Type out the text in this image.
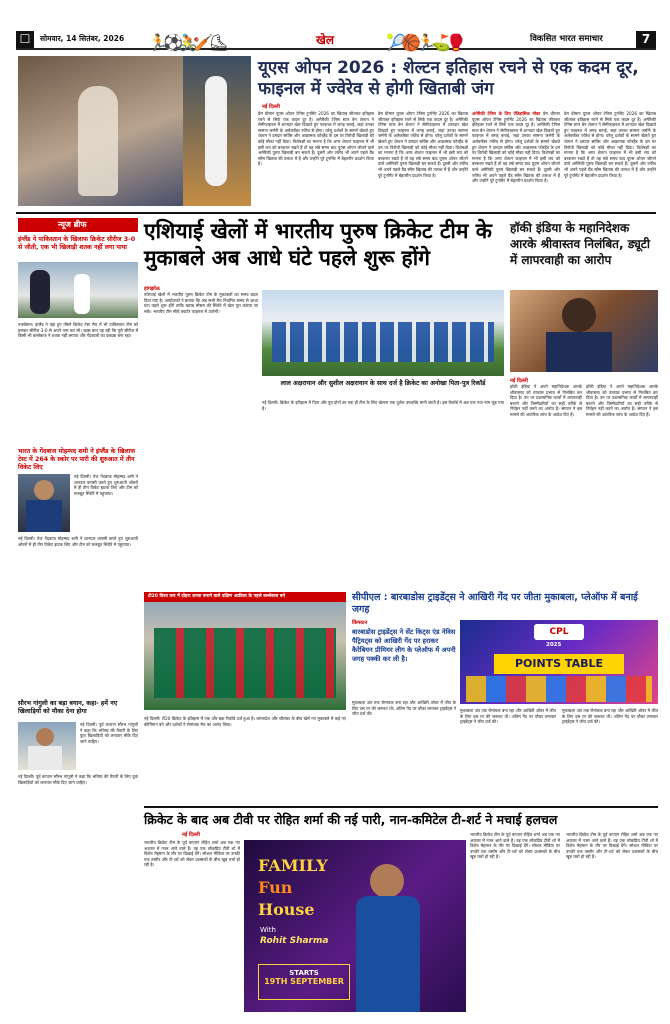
☐	सोमवार, 14 सितंबर, 2026 🏃⚽🚴🏏⛸	खेल	🎾🏀🏃⛳🥊	विकसित भारत समाचार	7
यूएस ओपन 2026 : शेल्टन इतिहास रचने से एक कदम दूर, फाइनल में ज्वेरेव से होगी खिताबी जंग
नई दिल्ली
प्रेम धीमान यूएस ओपन टेनिस टूर्नामेंट 2026 का खिताब जीतकर इतिहास रचने से सिर्फ एक कदम दूर है। अमेरिकी टेनिस स्टार बेन शेल्टन ने सेमीफाइनल में शानदार खेल दिखाते हुए फाइनल में जगह बनाई, जहां उनका सामना जर्मनी के अलेक्जेंडर ज्वेरेव से होगा। घरेलू दर्शकों के सामने खेलते हुए शेल्टन ने दमदार सर्विस और आक्रामक फोरहैंड के दम पर विरोधी खिलाड़ी को कोई मौका नहीं दिया। विशेषज्ञों का मानना है कि अगर शेल्टन फाइनल में भी इसी लय को बरकरार रखते हैं तो वह लंबे समय बाद यूएस ओपन जीतने वाले अमेरिकी पुरुष खिलाड़ी बन सकते हैं। दूसरी ओर ज्वेरेव भी अपने पहले ग्रैंड स्लैम खिताब की तलाश में हैं और उन्होंने पूरे टूर्नामेंट में बेहतरीन प्रदर्शन किया है।
प्रेम धीमान यूएस ओपन टेनिस टूर्नामेंट 2026 का खिताब जीतकर इतिहास रचने से सिर्फ एक कदम दूर है। अमेरिकी टेनिस स्टार बेन शेल्टन ने सेमीफाइनल में शानदार खेल दिखाते हुए फाइनल में जगह बनाई, जहां उनका सामना जर्मनी के अलेक्जेंडर ज्वेरेव से होगा। घरेलू दर्शकों के सामने खेलते हुए शेल्टन ने दमदार सर्विस और आक्रामक फोरहैंड के दम पर विरोधी खिलाड़ी को कोई मौका नहीं दिया। विशेषज्ञों का मानना है कि अगर शेल्टन फाइनल में भी इसी लय को बरकरार रखते हैं तो वह लंबे समय बाद यूएस ओपन जीतने वाले अमेरिकी पुरुष खिलाड़ी बन सकते हैं। दूसरी ओर ज्वेरेव भी अपने पहले ग्रैंड स्लैम खिताब की तलाश में हैं और उन्होंने पूरे टूर्नामेंट में बेहतरीन प्रदर्शन किया है।
अमेरिकी टेनिस के लिए ऐतिहासिक मौका प्रेम धीमान यूएस ओपन टेनिस टूर्नामेंट 2026 का खिताब जीतकर इतिहास रचने से सिर्फ एक कदम दूर है। अमेरिकी टेनिस स्टार बेन शेल्टन ने सेमीफाइनल में शानदार खेल दिखाते हुए फाइनल में जगह बनाई, जहां उनका सामना जर्मनी के अलेक्जेंडर ज्वेरेव से होगा। घरेलू दर्शकों के सामने खेलते हुए शेल्टन ने दमदार सर्विस और आक्रामक फोरहैंड के दम पर विरोधी खिलाड़ी को कोई मौका नहीं दिया। विशेषज्ञों का मानना है कि अगर शेल्टन फाइनल में भी इसी लय को बरकरार रखते हैं तो वह लंबे समय बाद यूएस ओपन जीतने वाले अमेरिकी पुरुष खिलाड़ी बन सकते हैं। दूसरी ओर ज्वेरेव भी अपने पहले ग्रैंड स्लैम खिताब की तलाश में हैं और उन्होंने पूरे टूर्नामेंट में बेहतरीन प्रदर्शन किया है।
प्रेम धीमान यूएस ओपन टेनिस टूर्नामेंट 2026 का खिताब जीतकर इतिहास रचने से सिर्फ एक कदम दूर है। अमेरिकी टेनिस स्टार बेन शेल्टन ने सेमीफाइनल में शानदार खेल दिखाते हुए फाइनल में जगह बनाई, जहां उनका सामना जर्मनी के अलेक्जेंडर ज्वेरेव से होगा। घरेलू दर्शकों के सामने खेलते हुए शेल्टन ने दमदार सर्विस और आक्रामक फोरहैंड के दम पर विरोधी खिलाड़ी को कोई मौका नहीं दिया। विशेषज्ञों का मानना है कि अगर शेल्टन फाइनल में भी इसी लय को बरकरार रखते हैं तो वह लंबे समय बाद यूएस ओपन जीतने वाले अमेरिकी पुरुष खिलाड़ी बन सकते हैं। दूसरी ओर ज्वेरेव भी अपने पहले ग्रैंड स्लैम खिताब की तलाश में हैं और उन्होंने पूरे टूर्नामेंट में बेहतरीन प्रदर्शन किया है।
न्यूज ब्रीफ
इंग्लैंड ने पाकिस्तान के खिलाफ क्रिकेट सीरीज 3-0 से जीती, एक भी खिलाड़ी शतक नहीं लगा पाया
एजबेस्टन। इंग्लैंड ने यहां हुए तीसरे क्रिकेट टेस्ट मैच में भी पाकिस्तान टीम को हराकर सीरीज 3-0 से अपने नाम कर ली। खास बात यह रही कि पूरी सीरीज में किसी भी बल्लेबाज ने शतक नहीं लगाया और गेंदबाजों का दबदबा बना रहा।
भारत के गेंदबाज मोहम्मद शमी ने इंग्लैंड के खिलाफ टेस्ट में 264 के स्कोर पर पारी की शुरुआत में तीन विकेट लिए
नई दिल्ली। तेज गेंदबाज मोहम्मद शमी ने शानदार वापसी करते हुए शुरुआती ओवरों में ही तीन विकेट झटक लिए और टीम को मजबूत स्थिति में पहुंचाया।
नई दिल्ली। तेज गेंदबाज मोहम्मद शमी ने शानदार वापसी करते हुए शुरुआती ओवरों में ही तीन विकेट झटक लिए और टीम को मजबूत स्थिति में पहुंचाया।
सौरभ गांगुली का बड़ा बयान, कहा- हमें नए खिलाड़ियों को मौका देना होगा
नई दिल्ली। पूर्व कप्तान सौरभ गांगुली ने कहा कि भविष्य की तैयारी के लिए युवा खिलाड़ियों को लगातार मौके दिए जाने चाहिए।
नई दिल्ली। पूर्व कप्तान सौरभ गांगुली ने कहा कि भविष्य की तैयारी के लिए युवा खिलाड़ियों को लगातार मौके दिए जाने चाहिए।
एशियाई खेलों में भारतीय पुरुष क्रिकेट टीम के मुकाबले अब आधे घंटे पहले शुरू होंगे
हांगझोऊ
एशियाई खेलों में भारतीय पुरुष क्रिकेट टीम के मुकाबलों का समय बदल दिया गया है। आयोजकों ने बताया कि अब सभी मैच निर्धारित समय से आधा घंटा पहले शुरू होंगे ताकि खराब मौसम की स्थिति में खेल पूरा कराया जा सके। भारतीय टीम सीधे क्वार्टर फाइनल में उतरेगी।
लाल अक्षरायान और सुशील अक्षरायान के साथ दर्ज है क्रिकेट का अनोखा पिता-पुत्र रिकॉर्ड
नई दिल्ली। क्रिकेट के इतिहास में पिता और पुत्र दोनों का एक ही टीम के लिए खेलना एक दुर्लभ उपलब्धि मानी जाती है। इस रिकॉर्ड में अब एक नया नाम जुड़ गया है।
हॉकी इंडिया के महानिदेशक आरके श्रीवास्तव निलंबित, ड्यूटी में लापरवाही का आरोप
नई दिल्ली
हॉकी इंडिया ने अपने महानिदेशक आरके श्रीवास्तव को तत्काल प्रभाव से निलंबित कर दिया है। उन पर प्रशासनिक कार्यों में लापरवाही बरतने और जिम्मेदारियों का सही तरीके से निर्वहन नहीं करने का आरोप है। संगठन ने इस मामले की आंतरिक जांच के आदेश दिए हैं।
हॉकी इंडिया ने अपने महानिदेशक आरके श्रीवास्तव को तत्काल प्रभाव से निलंबित कर दिया है। उन पर प्रशासनिक कार्यों में लापरवाही बरतने और जिम्मेदारियों का सही तरीके से निर्वहन नहीं करने का आरोप है। संगठन ने इस मामले की आंतरिक जांच के आदेश दिए हैं।
टी20 विश्व कप में दोहरा शतक बनाने वाले दक्षिण अफ्रीका के पहले बल्लेबाज बने
नई दिल्ली। टी20 क्रिकेट के इतिहास में एक और बड़ा रिकॉर्ड दर्ज हुआ है। बांग्लादेश और श्रीलंका के बीच खेले गए मुकाबले में कई नए कीर्तिमान बने और दर्शकों ने रोमांचक मैच का आनंद लिया।
सीपीएल : बारबाडोस ट्राइडेंट्स ने आखिरी गेंद पर जीता मुकाबला, प्लेऑफ में बनाई जगह
किंग्सटन
बारबाडोस ट्राइडेंट्स ने सेंट किट्स एंड नेविस पैट्रियट्स को आखिरी गेंद पर हराकर कैरेबियन प्रीमियर लीग के प्लेऑफ में अपनी जगह पक्की कर ली है।
CPL
2025
POINTS TABLE
मुकाबला अंत तक रोमांचक बना रहा और आखिरी ओवर में जीत के लिए दस रन की जरूरत थी। अंतिम गेंद पर चौका लगाकर ट्राइडेंट्स ने जीत दर्ज की।
मुकाबला अंत तक रोमांचक बना रहा और आखिरी ओवर में जीत के लिए दस रन की जरूरत थी। अंतिम गेंद पर चौका लगाकर ट्राइडेंट्स ने जीत दर्ज की।
मुकाबला अंत तक रोमांचक बना रहा और आखिरी ओवर में जीत के लिए दस रन की जरूरत थी। अंतिम गेंद पर चौका लगाकर ट्राइडेंट्स ने जीत दर्ज की।
क्रिकेट के बाद अब टीवी पर रोहित शर्मा की नई पारी, नान-कमिटेल टी-शर्ट ने मचाई हलचल
नई दिल्ली
भारतीय क्रिकेट टीम के पूर्व कप्तान रोहित शर्मा अब एक नए अवतार में नजर आने वाले हैं। वह एक लोकप्रिय टीवी शो में विशेष मेहमान के तौर पर दिखाई देंगे। सोशल मीडिया पर उनकी एक तस्वीर और टी-शर्ट को लेकर प्रशंसकों के बीच खूब चर्चा हो रही है।	FAMILY
Fun
House
With
Rohit Sharma
STARTS
19TH SEPTEMBER
भारतीय क्रिकेट टीम के पूर्व कप्तान रोहित शर्मा अब एक नए अवतार में नजर आने वाले हैं। वह एक लोकप्रिय टीवी शो में विशेष मेहमान के तौर पर दिखाई देंगे। सोशल मीडिया पर उनकी एक तस्वीर और टी-शर्ट को लेकर प्रशंसकों के बीच खूब चर्चा हो रही है।
भारतीय क्रिकेट टीम के पूर्व कप्तान रोहित शर्मा अब एक नए अवतार में नजर आने वाले हैं। वह एक लोकप्रिय टीवी शो में विशेष मेहमान के तौर पर दिखाई देंगे। सोशल मीडिया पर उनकी एक तस्वीर और टी-शर्ट को लेकर प्रशंसकों के बीच खूब चर्चा हो रही है।
